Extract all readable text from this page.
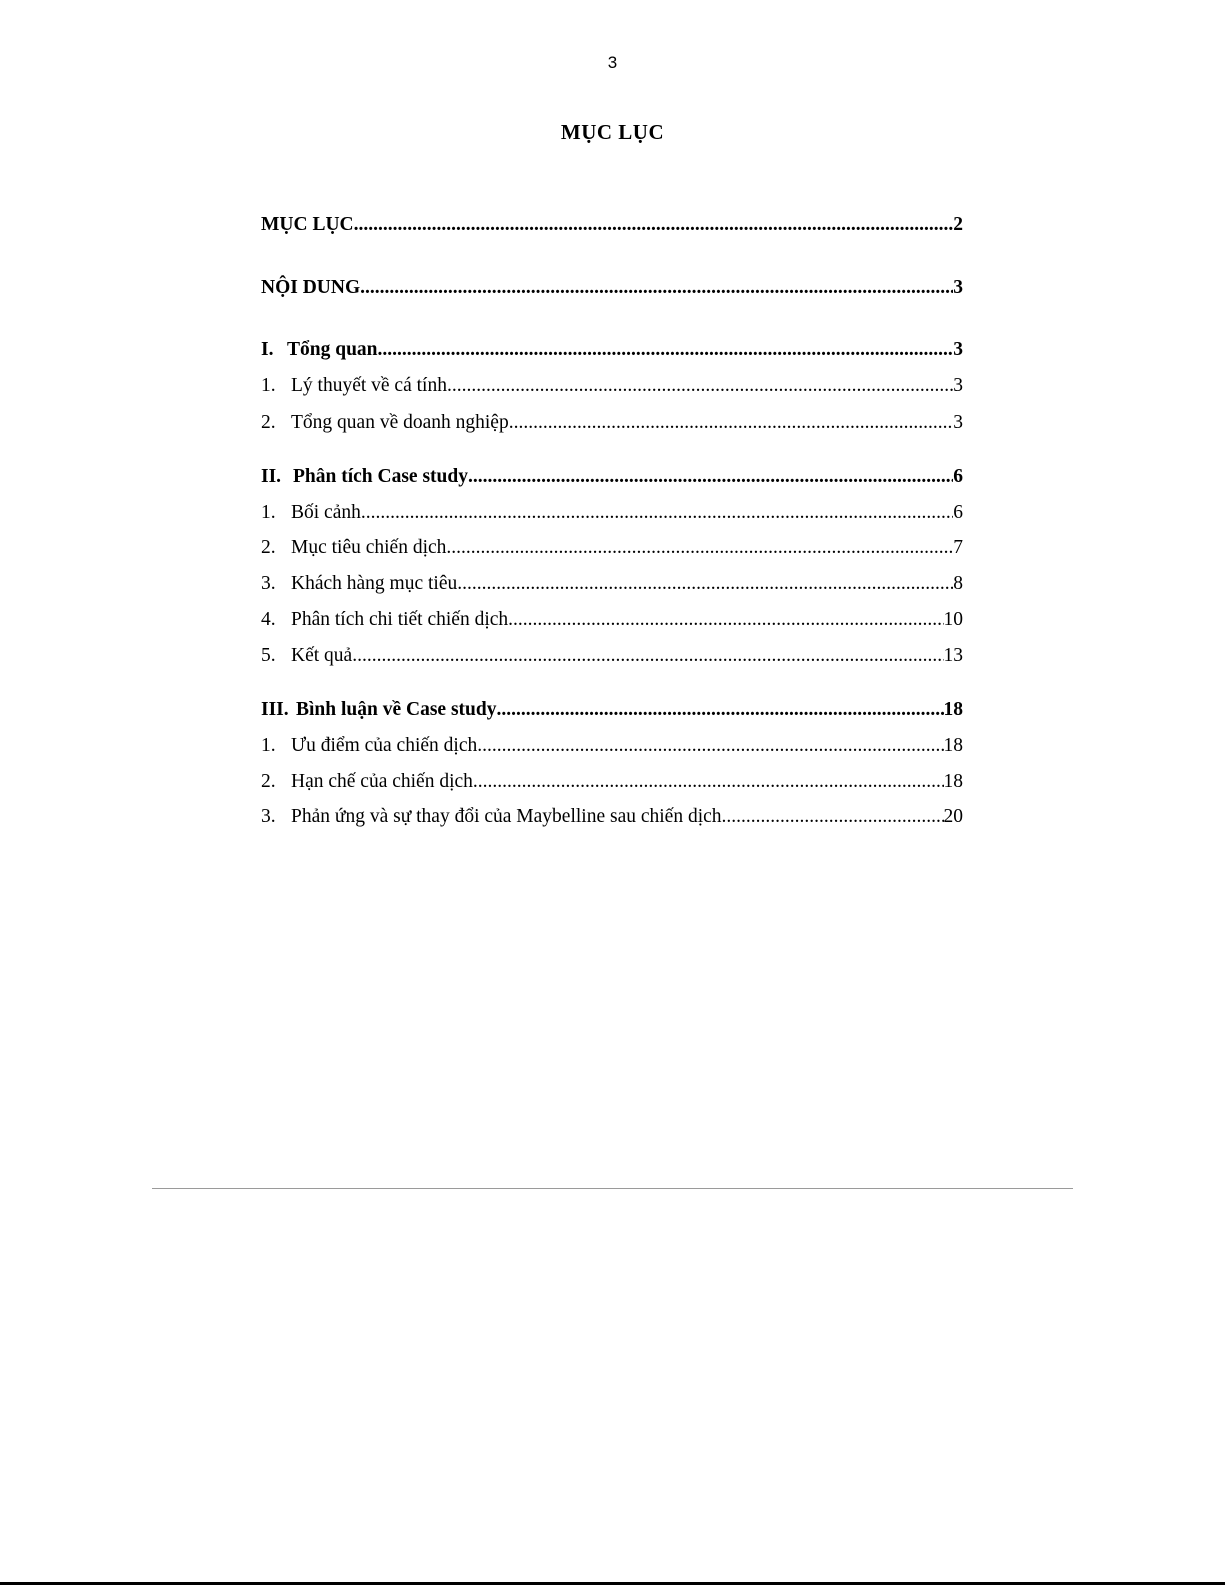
3
MỤC LỤC
MỤC LỤC .....	2
NỘI DUNG .....	3
I. Tổng quan .....	3
1. Lý thuyết về cá tính .....	3
2. Tổng quan về doanh nghiệp .....	3
II. Phân tích Case study .....	6
1. Bối cảnh .....	6
2. Mục tiêu chiến dịch .....	7
3. Khách hàng mục tiêu .....	8
4. Phân tích chi tiết chiến dịch .....	10
5. Kết quả .....	13
III. Bình luận về Case study .....	18
1. Ưu điểm của chiến dịch .....	18
2. Hạn chế của chiến dịch .....	18
3. Phản ứng và sự thay đổi của Maybelline sau chiến dịch .....	20
